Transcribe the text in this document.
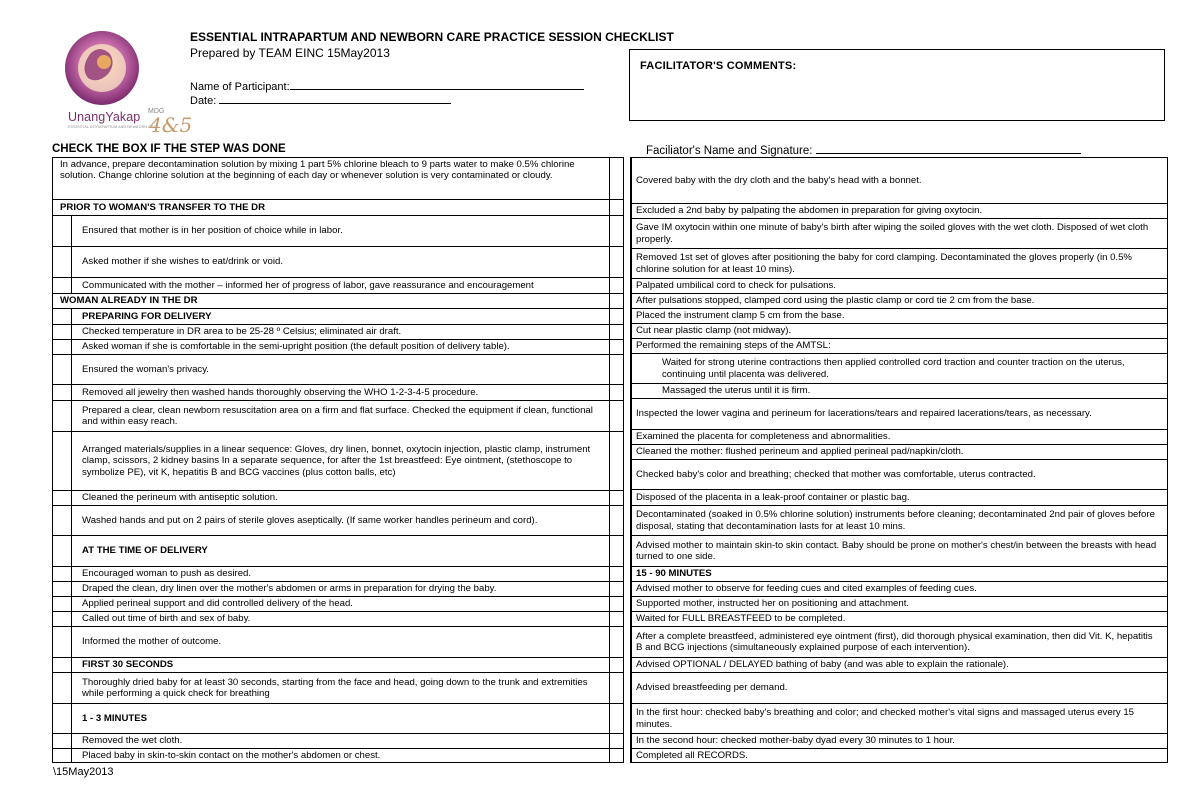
UnangYakap
ESSENTIAL INTRAPARTUM AND NEWBORN CARE
MDG
4&5
ESSENTIAL INTRAPARTUM AND NEWBORN CARE PRACTICE SESSION CHECKLIST
Prepared by TEAM EINC 15May2013
Name of Participant:
Date:
FACILITATOR'S COMMENTS:
CHECK THE BOX IF THE STEP WAS DONE	Faciliator's Name and Signature:
In advance, prepare decontamination solution by mixing 1 part 5% chlorine bleach to 9 parts water to make 0.5% chlorine solution. Change chlorine solution at the beginning of each day or whenever solution is very contaminated or cloudy.
PRIOR TO WOMAN'S TRANSFER TO THE DR
Ensured that mother is in her position of choice while in labor.
Asked mother if she wishes to eat/drink or void.
Communicated with the mother – informed her of progress of labor, gave reassurance and encouragement
WOMAN ALREADY IN THE DR
PREPARING FOR DELIVERY
Checked temperature in DR area to be 25-28 º Celsius; eliminated air draft.
Asked woman if she is comfortable in the semi-upright position (the default position of delivery table).
Ensured the woman's privacy.
Removed all jewelry then washed hands thoroughly observing the WHO 1-2-3-4-5 procedure.
Prepared a clear, clean newborn resuscitation area on a firm and flat surface. Checked the equipment if clean, functional and within easy reach.
Arranged materials/supplies in a linear sequence: Gloves, dry linen, bonnet, oxytocin injection, plastic clamp, instrument clamp, scissors, 2 kidney basins In a separate sequence, for after the 1st breastfeed: Eye ointment, (stethoscope to symbolize PE), vit K, hepatitis B and BCG vaccines (plus cotton balls, etc)
Cleaned the perineum with antiseptic solution.
Washed hands and put on 2 pairs of sterile gloves aseptically. (If same worker handles perineum and cord).
AT THE TIME OF DELIVERY
Encouraged woman to push as desired.
Draped the clean, dry linen over the mother's abdomen or arms in preparation for drying the baby.
Applied perineal support and did controlled delivery of the head.
Called out time of birth and sex of baby.
Informed the mother of outcome.
FIRST 30 SECONDS
Thoroughly dried baby for at least 30 seconds, starting from the face and head, going down to the trunk and extremities while performing a quick check for breathing
1 - 3 MINUTES
Removed the wet cloth.
Placed baby in skin-to-skin contact on the mother's abdomen or chest.
Covered baby with the dry cloth and the baby's head with a bonnet.
Excluded a 2nd baby by palpating the abdomen in preparation for giving oxytocin.
Gave IM oxytocin within one minute of baby's birth after wiping the soiled gloves with the wet cloth. Disposed of wet cloth properly.
Removed 1st set of gloves after positioning the baby for cord clamping. Decontaminated the gloves properly (in 0.5% chlorine solution for at least 10 mins).
Palpated umbilical cord to check for pulsations.
After pulsations stopped, clamped cord using the plastic clamp or cord tie 2 cm from the base.
Placed the instrument clamp 5 cm from the base.
Cut near plastic clamp (not midway).
Performed the remaining steps of the AMTSL:
Waited for strong uterine contractions then applied controlled cord traction and counter traction on the uterus, continuing until placenta was delivered.
Massaged the uterus until it is firm.
Inspected the lower vagina and perineum for lacerations/tears and repaired lacerations/tears, as necessary.
Examined the placenta for completeness and abnormalities.
Cleaned the mother: flushed perineum and applied perineal pad/napkin/cloth.
Checked baby's color and breathing; checked that mother was comfortable, uterus contracted.
Disposed of the placenta in a leak-proof container or plastic bag.
Decontaminated (soaked in 0.5% chlorine solution) instruments before cleaning; decontaminated 2nd pair of gloves before disposal, stating that decontamination lasts for at least 10 mins.
Advised mother to maintain skin-to skin contact. Baby should be prone on mother's chest/in between the breasts with head turned to one side.
15 - 90 MINUTES
Advised mother to observe for feeding cues and cited examples of feeding cues.
Supported mother, instructed her on positioning and attachment.
Waited for FULL BREASTFEED to be completed.
After a complete breastfeed, administered eye ointment (first), did thorough physical examination, then did Vit. K, hepatitis B and BCG injections (simultaneously explained purpose of each intervention).
Advised OPTIONAL / DELAYED bathing of baby (and was able to explain the rationale).
Advised breastfeeding per demand.
In the first hour: checked baby's breathing and color; and checked mother's vital signs and massaged uterus every 15 minutes.
In the second hour: checked mother-baby dyad every 30 minutes to 1 hour.
Completed all RECORDS.
\15May2013
